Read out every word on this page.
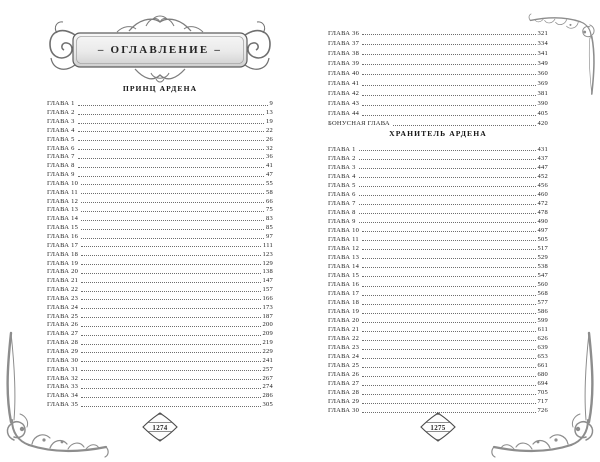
– ОГЛАВЛЕНИЕ –
ПРИНЦ АРДЕНА
ГЛАВА 1	9
ГЛАВА 2	13
ГЛАВА 3	19
ГЛАВА 4	22
ГЛАВА 5	26
ГЛАВА 6	32
ГЛАВА 7	36
ГЛАВА 8	41
ГЛАВА 9	47
ГЛАВА 10	55
ГЛАВА 11	58
ГЛАВА 12	66
ГЛАВА 13	75
ГЛАВА 14	83
ГЛАВА 15	85
ГЛАВА 16	97
ГЛАВА 17	111
ГЛАВА 18	123
ГЛАВА 19	129
ГЛАВА 20	138
ГЛАВА 21	147
ГЛАВА 22	157
ГЛАВА 23	166
ГЛАВА 24	173
ГЛАВА 25	187
ГЛАВА 26	200
ГЛАВА 27	209
ГЛАВА 28	219
ГЛАВА 29	229
ГЛАВА 30	241
ГЛАВА 31	257
ГЛАВА 32	267
ГЛАВА 33	274
ГЛАВА 34	286
ГЛАВА 35	305
1274
ГЛАВА 36	321
ГЛАВА 37	334
ГЛАВА 38	341
ГЛАВА 39	349
ГЛАВА 40	360
ГЛАВА 41	369
ГЛАВА 42	381
ГЛАВА 43	390
ГЛАВА 44	405
БОНУСНАЯ ГЛАВА	420
ХРАНИТЕЛЬ АРДЕНА
ГЛАВА 1	431
ГЛАВА 2	437
ГЛАВА 3	447
ГЛАВА 4	452
ГЛАВА 5	456
ГЛАВА 6	460
ГЛАВА 7	472
ГЛАВА 8	478
ГЛАВА 9	490
ГЛАВА 10	497
ГЛАВА 11	505
ГЛАВА 12	517
ГЛАВА 13	529
ГЛАВА 14	538
ГЛАВА 15	547
ГЛАВА 16	560
ГЛАВА 17	568
ГЛАВА 18	577
ГЛАВА 19	586
ГЛАВА 20	599
ГЛАВА 21	611
ГЛАВА 22	626
ГЛАВА 23	639
ГЛАВА 24	653
ГЛАВА 25	661
ГЛАВА 26	680
ГЛАВА 27	694
ГЛАВА 28	705
ГЛАВА 29	717
ГЛАВА 30	726
1275
